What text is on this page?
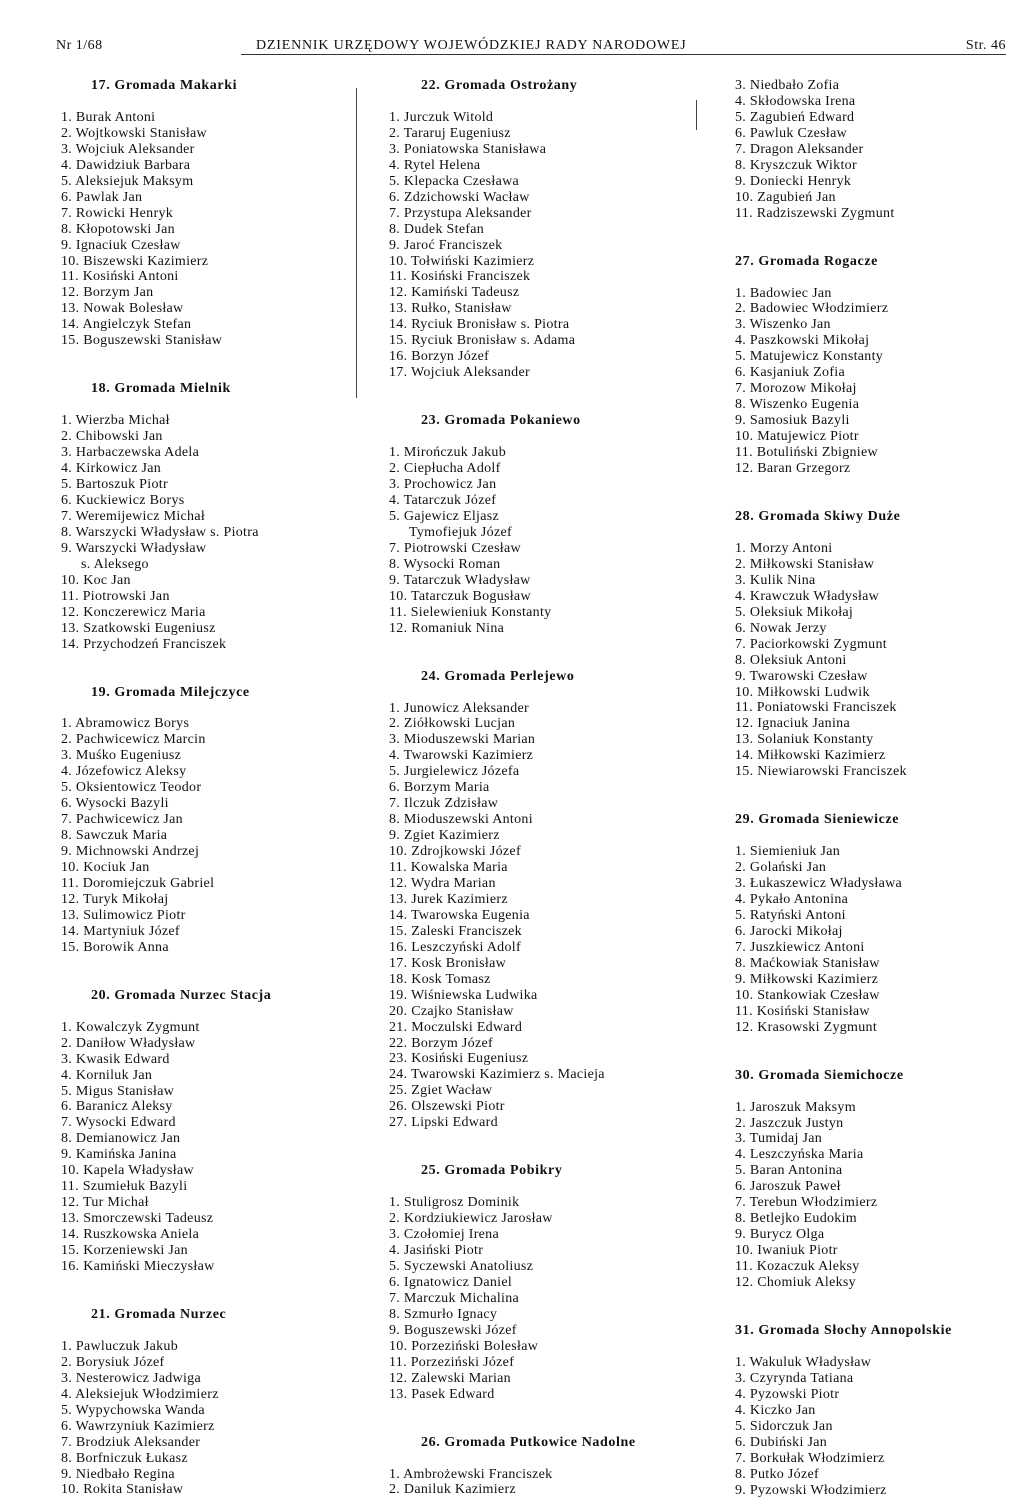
Nr 1/68	DZIENNIK URZĘDOWY WOJEWÓDZKIEJ RADY NARODOWEJ	Str. 46
17. Gromada Makarki
1. Burak Antoni
2. Wojtkowski Stanisław
3. Wojciuk Aleksander
4. Dawidziuk Barbara
5. Aleksiejuk Maksym
6. Pawlak Jan
7. Rowicki Henryk
8. Kłopotowski Jan
9. Ignaciuk Czesław
10. Biszewski Kazimierz
11. Kosiński Antoni
12. Borzym Jan
13. Nowak Bolesław
14. Angielczyk Stefan
15. Boguszewski Stanisław
18. Gromada Mielnik
1. Wierzba Michał
2. Chibowski Jan
3. Harbaczewska Adela
4. Kirkowicz Jan
5. Bartoszuk Piotr
6. Kuckiewicz Borys
7. Weremijewicz Michał
8. Warszycki Władysław s. Piotra
9. Warszycki Władysław
s. Aleksego
10. Koc Jan
11. Piotrowski Jan
12. Konczerewicz Maria
13. Szatkowski Eugeniusz
14. Przychodzeń Franciszek
19. Gromada Milejczyce
1. Abramowicz Borys
2. Pachwicewicz Marcin
3. Muśko Eugeniusz
4. Józefowicz Aleksy
5. Oksientowicz Teodor
6. Wysocki Bazyli
7. Pachwicewicz Jan
8. Sawczuk Maria
9. Michnowski Andrzej
10. Kociuk Jan
11. Doromiejczuk Gabriel
12. Turyk Mikołaj
13. Sulimowicz Piotr
14. Martyniuk Józef
15. Borowik Anna
20. Gromada Nurzec Stacja
1. Kowalczyk Zygmunt
2. Daniłow Władysław
3. Kwasik Edward
4. Korniluk Jan
5. Migus Stanisław
6. Baranicz Aleksy
7. Wysocki Edward
8. Demianowicz Jan
9. Kamińska Janina
10. Kapela Władysław
11. Szumiełuk Bazyli
12. Tur Michał
13. Smorczewski Tadeusz
14. Ruszkowska Aniela
15. Korzeniewski Jan
16. Kamiński Mieczysław
21. Gromada Nurzec
1. Pawluczuk Jakub
2. Borysiuk Józef
3. Nesterowicz Jadwiga
4. Aleksiejuk Włodzimierz
5. Wypychowska Wanda
6. Wawrzyniuk Kazimierz
7. Brodziuk Aleksander
8. Borfniczuk Łukasz
9. Niedbało Regina
10. Rokita Stanisław
22. Gromada Ostrożany
1. Jurczuk Witold
2. Tararuj Eugeniusz
3. Poniatowska Stanisława
4. Rytel Helena
5. Klepacka Czesława
6. Zdzichowski Wacław
7. Przystupa Aleksander
8. Dudek Stefan
9. Jaroć Franciszek
10. Tołwiński Kazimierz
11. Kosiński Franciszek
12. Kamiński Tadeusz
13. Rułko, Stanisław
14. Ryciuk Bronisław s. Piotra
15. Ryciuk Bronisław s. Adama
16. Borzyn Józef
17. Wojciuk Aleksander
23. Gromada Pokaniewo
1. Mirończuk Jakub
2. Ciepłucha Adolf
3. Prochowicz Jan
4. Tatarczuk Józef
5. Gajewicz Eljasz
Tymofiejuk Józef
7. Piotrowski Czesław
8. Wysocki Roman
9. Tatarczuk Władysław
10. Tatarczuk Bogusław
11. Sielewieniuk Konstanty
12. Romaniuk Nina
24. Gromada Perlejewo
1. Junowicz Aleksander
2. Ziółkowski Lucjan
3. Mioduszewski Marian
4. Twarowski Kazimierz
5. Jurgielewicz Józefa
6. Borzym Maria
7. Ilczuk Zdzisław
8. Mioduszewski Antoni
9. Zgiet Kazimierz
10. Zdrojkowski Józef
11. Kowalska Maria
12. Wydra Marian
13. Jurek Kazimierz
14. Twarowska Eugenia
15. Zaleski Franciszek
16. Leszczyński Adolf
17. Kosk Bronisław
18. Kosk Tomasz
19. Wiśniewska Ludwika
20. Czajko Stanisław
21. Moczulski Edward
22. Borzym Józef
23. Kosiński Eugeniusz
24. Twarowski Kazimierz s. Macieja
25. Zgiet Wacław
26. Olszewski Piotr
27. Lipski Edward
25. Gromada Pobikry
1. Stuligrosz Dominik
2. Kordziukiewicz Jarosław
3. Czołomiej Irena
4. Jasiński Piotr
5. Syczewski Anatoliusz
6. Ignatowicz Daniel
7. Marczuk Michalina
8. Szmurło Ignacy
9. Boguszewski Józef
10. Porzeziński Bolesław
11. Porzeziński Józef
12. Zalewski Marian
13. Pasek Edward
26. Gromada Putkowice Nadolne
1. Ambrożewski Franciszek
2. Daniluk Kazimierz
3. Niedbało Zofia
4. Skłodowska Irena
5. Zagubień Edward
6. Pawluk Czesław
7. Dragon Aleksander
8. Kryszczuk Wiktor
9. Doniecki Henryk
10. Zagubień Jan
11. Radziszewski Zygmunt
27. Gromada Rogacze
1. Badowiec Jan
2. Badowiec Włodzimierz
3. Wiszenko Jan
4. Paszkowski Mikołaj
5. Matujewicz Konstanty
6. Kasjaniuk Zofia
7. Morozow Mikołaj
8. Wiszenko Eugenia
9. Samosiuk Bazyli
10. Matujewicz Piotr
11. Botuliński Zbigniew
12. Baran Grzegorz
28. Gromada Skiwy Duże
1. Morzy Antoni
2. Miłkowski Stanisław
3. Kulik Nina
4. Krawczuk Władysław
5. Oleksiuk Mikołaj
6. Nowak Jerzy
7. Paciorkowski Zygmunt
8. Oleksiuk Antoni
9. Twarowski Czesław
10. Miłkowski Ludwik
11. Poniatowski Franciszek
12. Ignaciuk Janina
13. Solaniuk Konstanty
14. Miłkowski Kazimierz
15. Niewiarowski Franciszek
29. Gromada Sieniewicze
1. Siemieniuk Jan
2. Golański Jan
3. Łukaszewicz Władysława
4. Pykało Antonina
5. Ratyński Antoni
6. Jarocki Mikołaj
7. Juszkiewicz Antoni
8. Maćkowiak Stanisław
9. Miłkowski Kazimierz
10. Stankowiak Czesław
11. Kosiński Stanisław
12. Krasowski Zygmunt
30. Gromada Siemichocze
1. Jaroszuk Maksym
2. Jaszczuk Justyn
3. Tumidaj Jan
4. Leszczyńska Maria
5. Baran Antonina
6. Jaroszuk Paweł
7. Terebun Włodzimierz
8. Betlejko Eudokim
9. Burycz Olga
10. Iwaniuk Piotr
11. Kozaczuk Aleksy
12. Chomiuk Aleksy
31. Gromada Słochy Annopolskie
1. Wakuluk Władysław
3. Czyrynda Tatiana
4. Pyzowski Piotr
4. Kiczko Jan
5. Sidorczuk Jan
6. Dubiński Jan
7. Borkułak Włodzimierz
8. Putko Józef
9. Pyzowski Włodzimierz
